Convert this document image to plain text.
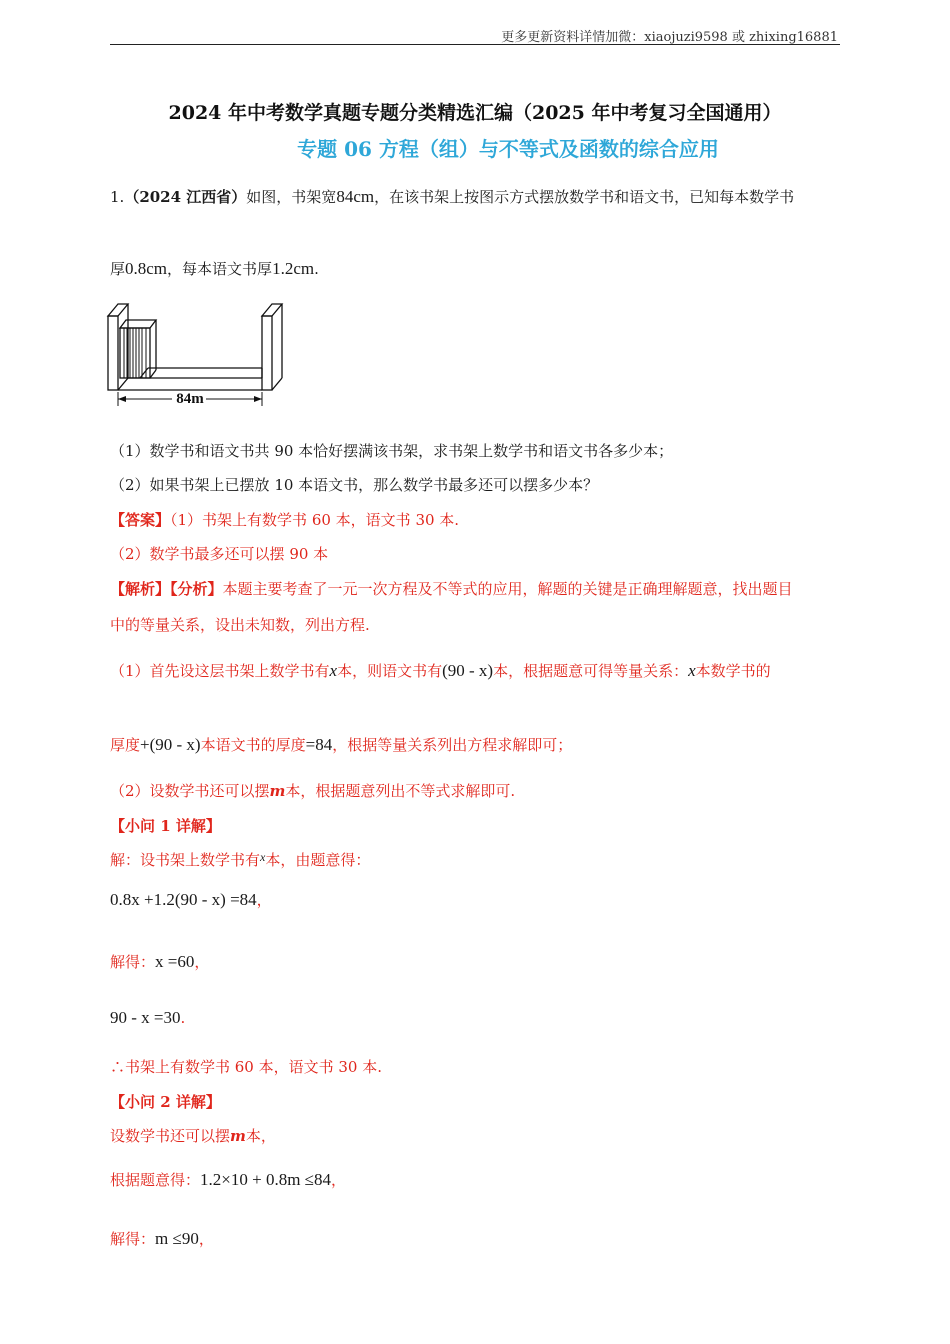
更多更新资料详情加微：xiaojuzi9598 或 zhixing16881
2024 年中考数学真题专题分类精选汇编（2025 年中考复习全国通用）
专题 06 方程（组）与不等式及函数的综合应用
1.（2024 江西省）如图，书架宽84cm，在该书架上按图示方式摆放数学书和语文书，已知每本数学书
厚0.8cm，每本语文书厚1.2cm.
84m
（1）数学书和语文书共 90 本恰好摆满该书架，求书架上数学书和语文书各多少本；
（2）如果书架上已摆放 10 本语文书，那么数学书最多还可以摆多少本？
【答案】（1）书架上有数学书 60 本，语文书 30 本.
（2）数学书最多还可以摆 90 本
【解析】【分析】本题主要考查了一元一次方程及不等式的应用，解题的关键是正确理解题意，找出题目
中的等量关系，设出未知数，列出方程.
（1）首先设这层书架上数学书有x本，则语文书有(90 - x)本，根据题意可得等量关系：x本数学书的
厚度+(90 - x)本语文书的厚度=84，根据等量关系列出方程求解即可；
（2）设数学书还可以摆m本，根据题意列出不等式求解即可.
【小问 1 详解】
解：设书架上数学书有$^x$本，由题意得：
0.8x +1.2(90 - x) =84，
解得：x =60，
90 - x =30.
∴书架上有数学书 60 本，语文书 30 本.
【小问 2 详解】
设数学书还可以摆m本，
根据题意得：1.2×10 + 0.8m ≤84，
解得：m ≤90，
